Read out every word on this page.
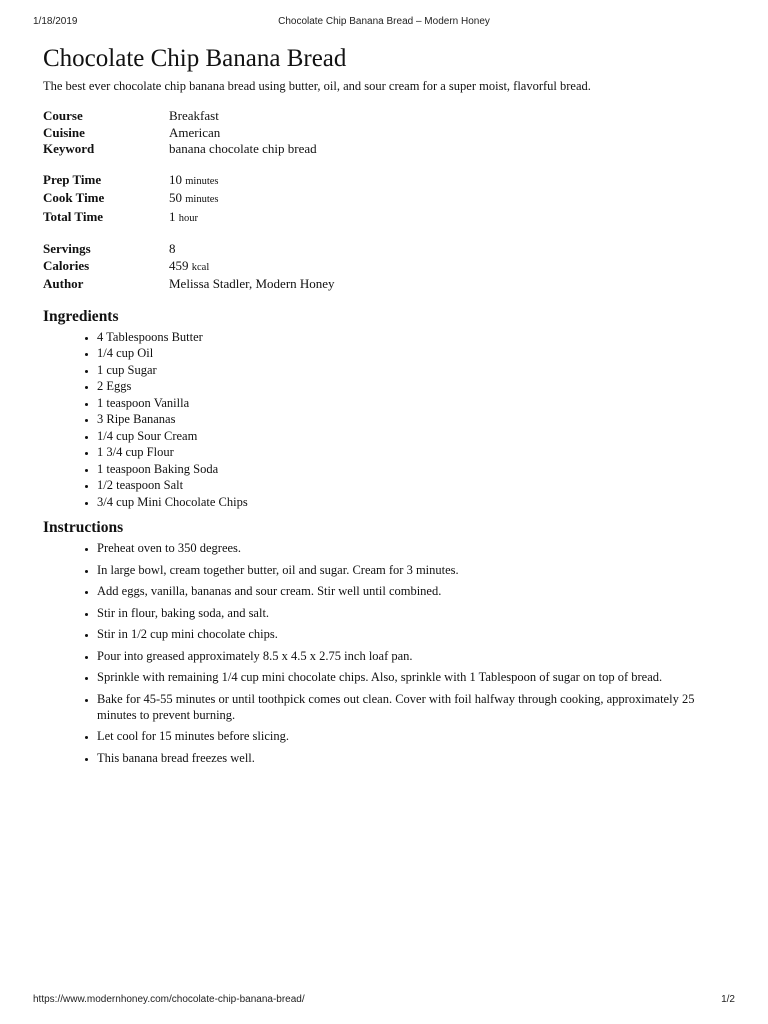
1/18/2019	Chocolate Chip Banana Bread – Modern Honey
Chocolate Chip Banana Bread

The best ever chocolate chip banana bread using butter, oil, and sour cream for a super moist, flavorful bread.

Course	Breakfast
Cuisine	American
Keyword	banana chocolate chip bread
Prep Time	10 minutes
Cook Time	50 minutes
Total Time	1 hour
Servings	8
Calories	459 kcal
Author	Melissa Stadler, Modern Honey
Ingredients
• 4 Tablespoons Butter
• 1/4 cup Oil
• 1 cup Sugar
• 2 Eggs
• 1 teaspoon Vanilla
• 3 Ripe Bananas
• 1/4 cup Sour Cream
• 1 3/4 cup Flour
• 1 teaspoon Baking Soda
• 1/2 teaspoon Salt
• 3/4 cup Mini Chocolate Chips
Instructions
• Preheat oven to 350 degrees.
• In large bowl, cream together butter, oil and sugar. Cream for 3 minutes.
• Add eggs, vanilla, bananas and sour cream. Stir well until combined.
• Stir in flour, baking soda, and salt.
• Stir in 1/2 cup mini chocolate chips.
• Pour into greased approximately 8.5 x 4.5 x 2.75 inch loaf pan.
• Sprinkle with remaining 1/4 cup mini chocolate chips. Also, sprinkle with 1 Tablespoon of sugar on top of bread.
• Bake for 45-55 minutes or until toothpick comes out clean. Cover with foil halfway through cooking, approximately 25 minutes to prevent burning.
• Let cool for 15 minutes before slicing.
• This banana bread freezes well.
https://www.modernhoney.com/chocolate-chip-banana-bread/	1/2
